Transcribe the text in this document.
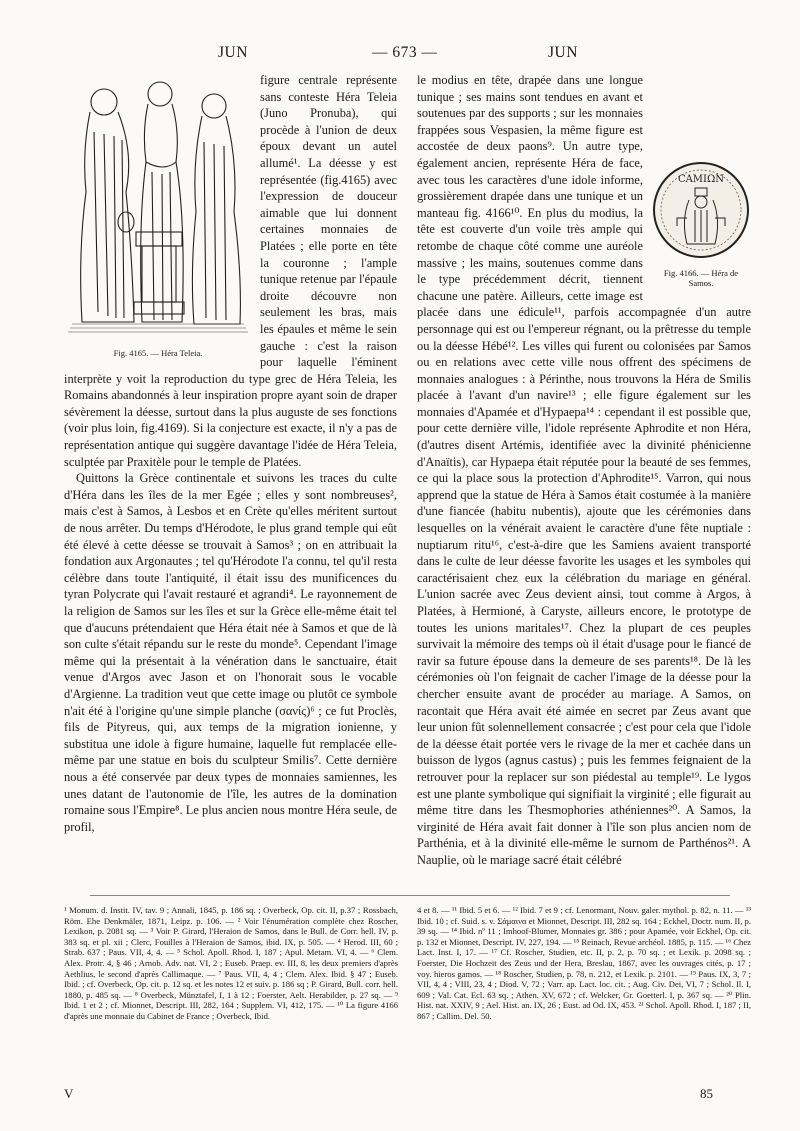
JUN	— 673 —	JUN
Fig. 4165. — Héra Teleia.

figure centrale représente sans conteste Héra Teleia (Juno Pronuba), qui procède à l'union de deux époux devant un autel allumé¹. La déesse y est représentée (fig.4165) avec l'expression de douceur aimable que lui donnent certaines monnaies de Platées ; elle porte en tête la couronne ; l'ample tunique retenue par l'épaule droite découvre non seulement les bras, mais les épaules et même le sein gauche : c'est la raison pour laquelle l'éminent interprète y voit la reproduction du type grec de Héra Teleia, les Romains abandonnés à leur inspiration propre ayant soin de draper sévèrement la déesse, surtout dans la plus auguste de ses fonctions (voir plus loin, fig.4169). Si la conjecture est exacte, il n'y a pas de représentation antique qui suggère davantage l'idée de Héra Teleia, sculptée par Praxitèle pour le temple de Platées.

Quittons la Grèce continentale et suivons les traces du culte d'Héra dans les îles de la mer Egée ; elles y sont nombreuses², mais c'est à Samos, à Lesbos et en Crète qu'elles méritent surtout de nous arrêter. Du temps d'Hérodote, le plus grand temple qui eût été élevé à cette déesse se trouvait à Samos³ ; on en attribuait la fondation aux Argonautes ; tel qu'Hérodote l'a connu, tel qu'il resta célèbre dans toute l'antiquité, il était issu des munificences du tyran Polycrate qui l'avait restauré et agrandi⁴. Le rayonnement de la religion de Samos sur les îles et sur la Grèce elle-même était tel que d'aucuns prétendaient que Héra était née à Samos et que de là son culte s'était répandu sur le reste du monde⁵. Cependant l'image même qui la présentait à la vénération dans le sanctuaire, était venue d'Argos avec Jason et on l'honorait sous le vocable d'Argienne. La tradition veut que cette image ou plutôt ce symbole n'ait été à l'origine qu'une simple planche (σανίς)⁶ ; ce fut Proclès, fils de Pityreus, qui, aux temps de la migration ionienne, y substitua une idole à figure humaine, laquelle fut remplacée elle-même par une statue en bois du sculpteur Smilis⁷. Cette dernière nous a été conservée par deux types de monnaies samiennes, les unes datant de l'autonomie de l'île, les autres de la domination romaine sous l'Empire⁸. Le plus ancien nous montre Héra seule, de profil,

CΑΜΙΩΝ
Fig. 4166. — Héra de Samos.

le modius en tête, drapée dans une longue tunique ; ses mains sont tendues en avant et soutenues par des supports ; sur les monnaies frappées sous Vespasien, la même figure est accostée de deux paons⁹. Un autre type, également ancien, représente Héra de face, avec tous les caractères d'une idole informe, grossièrement drapée dans une tunique et un manteau fig. 4166¹⁰. En plus du modius, la tête est couverte d'un voile très ample qui retombe de chaque côté comme une auréole massive ; les mains, soutenues comme dans le type précédemment décrit, tiennent chacune une patère. Ailleurs, cette image est placée dans une édicule¹¹, parfois accompagnée d'un autre personnage qui est ou l'empereur régnant, ou la prêtresse du temple ou la déesse Hébé¹². Les villes qui furent ou colonisées par Samos ou en relations avec cette ville nous offrent des spécimens de monnaies analogues : à Périnthe, nous trouvons la Héra de Smilis placée à l'avant d'un navire¹³ ; elle figure également sur les monnaies d'Apamée et d'Hypaepa¹⁴ : cependant il est possible que, pour cette dernière ville, l'idole représente Aphrodite et non Héra, (d'autres disent Artémis, identifiée avec la divinité phénicienne d'Anaïtis), car Hypaepa était réputée pour la beauté de ses femmes, ce qui la place sous la protection d'Aphrodite¹⁵. Varron, qui nous apprend que la statue de Héra à Samos était costumée à la manière d'une fiancée (habitu nubentis), ajoute que les cérémonies dans lesquelles on la vénérait avaient le caractère d'une fête nuptiale : nuptiarum ritu¹⁶, c'est-à-dire que les Samiens avaient transporté dans le culte de leur déesse favorite les usages et les symboles qui caractérisaient chez eux la célébration du mariage en général. L'union sacrée avec Zeus devient ainsi, tout comme à Argos, à Platées, à Hermioné, à Caryste, ailleurs encore, le prototype de toutes les unions maritales¹⁷. Chez la plupart de ces peuples survivait la mémoire des temps où il était d'usage pour le fiancé de ravir sa future épouse dans la demeure de ses parents¹⁸. De là les cérémonies où l'on feignait de cacher l'image de la déesse pour la chercher ensuite avant de procéder au mariage. A Samos, on racontait que Héra avait été aimée en secret par Zeus avant que leur union fût solennellement consacrée ; c'est pour cela que l'idole de la déesse était portée vers le rivage de la mer et cachée dans un buisson de lygos (agnus castus) ; puis les femmes feignaient de la retrouver pour la replacer sur son piédestal au temple¹⁹. Le lygos est une plante symbolique qui signifiait la virginité ; elle figurait au même titre dans les Thesmophories athéniennes²⁰. A Samos, la virginité de Héra avait fait donner à l'île son plus ancien nom de Parthénia, et à la divinité elle-même le surnom de Parthénos²¹. A Nauplie, où le mariage sacré était célébré

¹ Monum. d. Instit. IV, tav. 9 ; Annali, 1845, p. 186 sq. ; Overbeck, Op. cit. II, p.37 ; Rossbach, Röm. Ehe Denkmäler, 1871, Leipz. p. 106. — ² Voir l'énumération complète chez Roscher, Lexikon, p. 2081 sq. — ³ Voir P. Girard, l'Heraion de Samos, dans le Bull. de Corr. hell. IV, p. 383 sq. et pl. xii ; Clerc, Fouilles à l'Heraion de Samos, ibid. IX, p. 505. — ⁴ Herod. III, 60 ; Strab. 637 ; Paus. VII, 4, 4. — ⁵ Schol. Apoll. Rhod. I, 187 ; Apul. Metam. VI, 4. — ⁶ Clem. Alex. Protr. 4, § 46 ; Arnob. Adv. nat. VI, 2 ; Euseb. Praep. ev. III, 8, les deux premiers d'après Aethlius, le second d'après Callimaque. — ⁷ Paus. VII, 4, 4 ; Clem. Alex. Ibid. § 47 ; Euseb. Ibid. ; cf. Overbeck, Op. cit. p. 12 sq. et les notes 12 et suiv. p. 186 sq ; P. Girard, Bull. corr. hell. 1880, p. 485 sq. — ⁸ Overbeck, Münztafel, I, 1 à 12 ; Foerster, Aelt. Herabilder, p. 27 sq. — ⁹ Ibid. 1 et 2 ; cf. Mionnet, Descript. III, 282, 164 ; Supplem. VI, 412, 175. — ¹⁰ La figure 4166 d'après une monnaie du Cabinet de France ; Overbeck, Ibid.
4 et 8. — ¹¹ Ibid. 5 et 6. — ¹² Ibid. 7 et 9 ; cf. Lenormant, Nouv. galer. mythol. p. 82, n. 11. — ¹³ Ibid. 10 ; cf. Suid. s. v. Σάμαινα et Mionnet, Descript. III, 282 sq. 164 ; Eckhel, Doctr. num. II, p. 39 sq. — ¹⁴ Ibid. nº 11 ; Imhoof-Blumer, Monnaies gr. 386 ; pour Apamée, voir Eckhel, Op. cit. p. 132 et Mionnet, Descript. IV, 227, 194. — ¹⁵ Reinach, Revue archéol. 1885, p. 115. — ¹⁶ Chez Lact. Inst. I, 17. — ¹⁷ Cf. Roscher, Studien, etc. II, p. 2, p. 70 sq. ; et Lexik. p. 2098 sq. ; Foerster, Die Hochzeit des Zeus und der Hera, Breslau, 1867, avec les ouvrages cités, p. 17 ; voy. hieros gamos. — ¹⁸ Roscher, Studien, p. 78, n. 212, et Lexik. p. 2101. — ¹⁹ Paus. IX, 3, 7 ; VII, 4, 4 ; VIII, 23, 4 ; Diod. V, 72 ; Varr. ap. Lact. loc. cit. ; Aug. Civ. Dei, VI, 7 ; Schol. Il. I, 609 ; Val. Cat. Ecl. 63 sq. ; Athen. XV, 672 ; cf. Welcker, Gr. Goetterl. I, p. 367 sq. — ²⁰ Plin. Hist. nat. XXIV, 9 ; Ael. Hist. an. IX, 26 ; Eust. ad Od. IX, 453. ²¹ Schol. Apoll. Rhod. I, 187 ; II, 867 ; Callim. Del. 50.
V	85
